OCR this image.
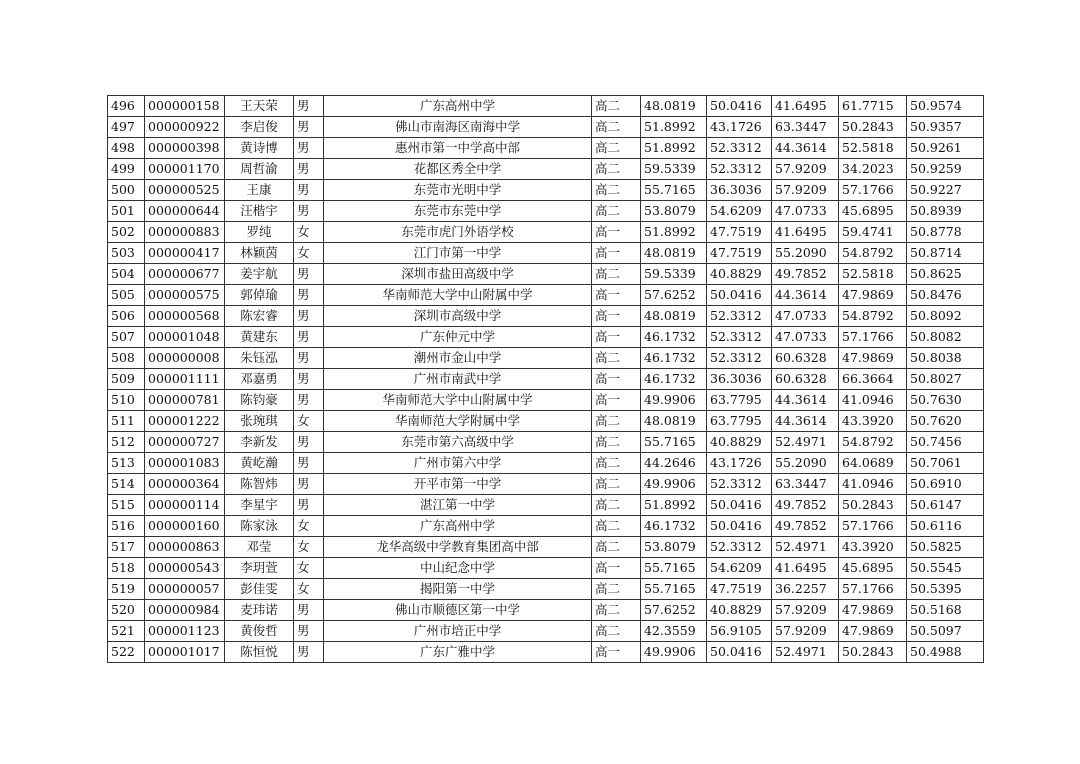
496	000000158	王天荣	男	广东高州中学	高二	48.0819	50.0416	41.6495	61.7715	50.9574
497	000000922	李启俊	男	佛山市南海区南海中学	高二	51.8992	43.1726	63.3447	50.2843	50.9357
498	000000398	黄诗博	男	惠州市第一中学高中部	高二	51.8992	52.3312	44.3614	52.5818	50.9261
499	000001170	周哲渝	男	花都区秀全中学	高二	59.5339	52.3312	57.9209	34.2023	50.9259
500	000000525	王康	男	东莞市光明中学	高二	55.7165	36.3036	57.9209	57.1766	50.9227
501	000000644	汪楷宇	男	东莞市东莞中学	高二	53.8079	54.6209	47.0733	45.6895	50.8939
502	000000883	罗纯	女	东莞市虎门外语学校	高一	51.8992	47.7519	41.6495	59.4741	50.8778
503	000000417	林颖茵	女	江门市第一中学	高一	48.0819	47.7519	55.2090	54.8792	50.8714
504	000000677	姜宇航	男	深圳市盐田高级中学	高二	59.5339	40.8829	49.7852	52.5818	50.8625
505	000000575	郭倬瑜	男	华南师范大学中山附属中学	高一	57.6252	50.0416	44.3614	47.9869	50.8476
506	000000568	陈宏睿	男	深圳市高级中学	高一	48.0819	52.3312	47.0733	54.8792	50.8092
507	000001048	黄建东	男	广东仲元中学	高一	46.1732	52.3312	47.0733	57.1766	50.8082
508	000000008	朱钰泓	男	潮州市金山中学	高二	46.1732	52.3312	60.6328	47.9869	50.8038
509	000001111	邓嘉勇	男	广州市南武中学	高一	46.1732	36.3036	60.6328	66.3664	50.8027
510	000000781	陈钧豪	男	华南师范大学中山附属中学	高一	49.9906	63.7795	44.3614	41.0946	50.7630
511	000001222	张琬琪	女	华南师范大学附属中学	高二	48.0819	63.7795	44.3614	43.3920	50.7620
512	000000727	李新发	男	东莞市第六高级中学	高二	55.7165	40.8829	52.4971	54.8792	50.7456
513	000001083	黄屹瀚	男	广州市第六中学	高二	44.2646	43.1726	55.2090	64.0689	50.7061
514	000000364	陈智炜	男	开平市第一中学	高二	49.9906	52.3312	63.3447	41.0946	50.6910
515	000000114	李星宇	男	湛江第一中学	高二	51.8992	50.0416	49.7852	50.2843	50.6147
516	000000160	陈家泳	女	广东高州中学	高二	46.1732	50.0416	49.7852	57.1766	50.6116
517	000000863	邓莹	女	龙华高级中学教育集团高中部	高二	53.8079	52.3312	52.4971	43.3920	50.5825
518	000000543	李玥萱	女	中山纪念中学	高一	55.7165	54.6209	41.6495	45.6895	50.5545
519	000000057	彭佳雯	女	揭阳第一中学	高二	55.7165	47.7519	36.2257	57.1766	50.5395
520	000000984	麦玮诺	男	佛山市顺德区第一中学	高二	57.6252	40.8829	57.9209	47.9869	50.5168
521	000001123	黄俊哲	男	广州市培正中学	高二	42.3559	56.9105	57.9209	47.9869	50.5097
522	000001017	陈恒悦	男	广东广雅中学	高一	49.9906	50.0416	52.4971	50.2843	50.4988
